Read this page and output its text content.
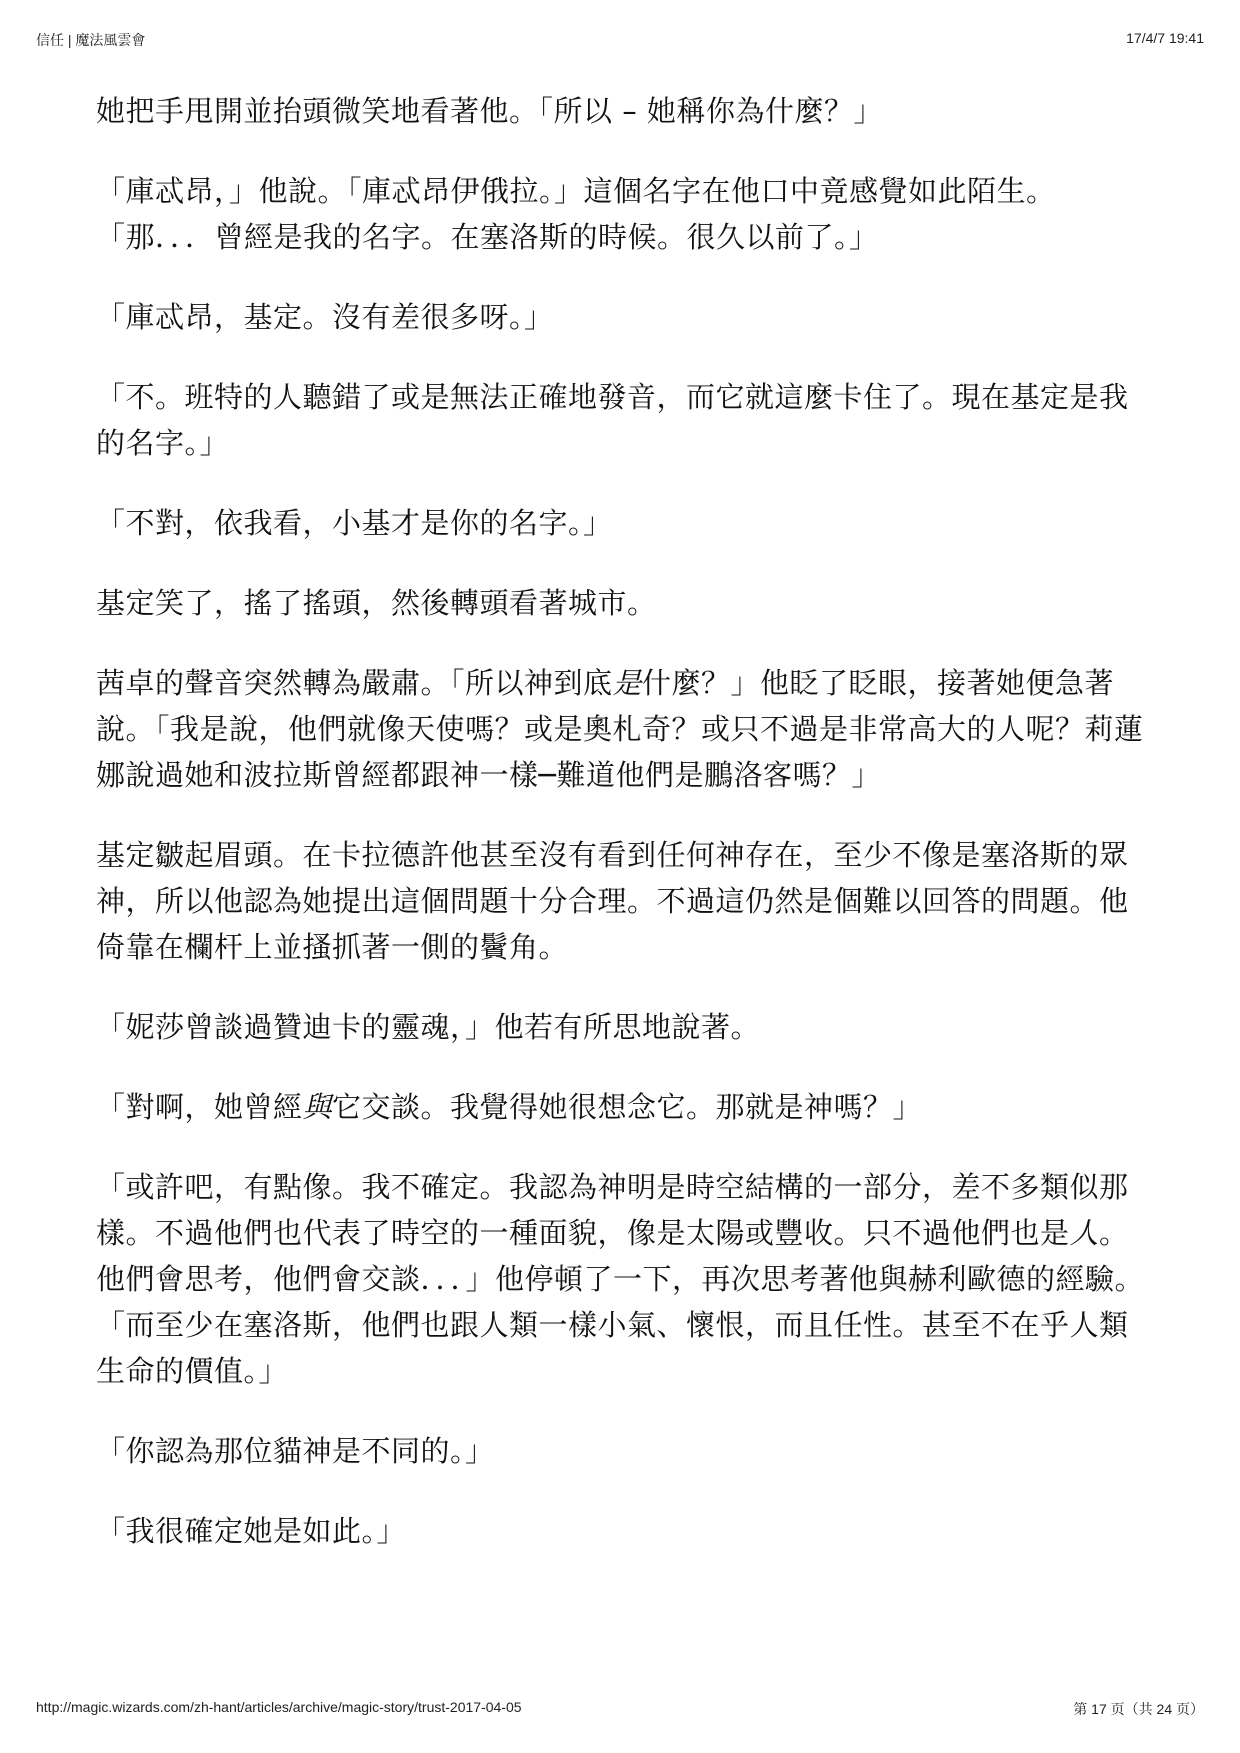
信任 | 魔法風雲會	17/4/7 19:41

她把手甩開並抬頭微笑地看著他。「所以 – 她稱你為什麼？」

「庫忒昂，」他說。「庫忒昂伊俄拉。」這個名字在他口中竟感覺如此陌生。「那．．．曾經是我的名字。在塞洛斯的時候。很久以前了。」

「庫忒昂，基定。沒有差很多呀。」

「不。班特的人聽錯了或是無法正確地發音，而它就這麼卡住了。現在基定是我的名字。」

「不對，依我看，小基才是你的名字。」

基定笑了，搖了搖頭，然後轉頭看著城市。

茜卓的聲音突然轉為嚴肅。「所以神到底是什麼？」他眨了眨眼，接著她便急著說。「我是說，他們就像天使嗎？或是奧札奇？或只不過是非常高大的人呢？莉蓮娜說過她和波拉斯曾經都跟神一樣─難道他們是鵬洛客嗎？」

基定皺起眉頭。在卡拉德許他甚至沒有看到任何神存在，至少不像是塞洛斯的眾神，所以他認為她提出這個問題十分合理。不過這仍然是個難以回答的問題。他倚靠在欄杆上並搔抓著一側的鬢角。

「妮莎曾談過贊迪卡的靈魂，」他若有所思地說著。

「對啊，她曾經與它交談。我覺得她很想念它。那就是神嗎？」

「或許吧，有點像。我不確定。我認為神明是時空結構的一部分，差不多類似那樣。不過他們也代表了時空的一種面貌，像是太陽或豐收。只不過他們也是人。他們會思考，他們會交談．．．」他停頓了一下，再次思考著他與赫利歐德的經驗。「而至少在塞洛斯，他們也跟人類一樣小氣、懷恨，而且任性。甚至不在乎人類生命的價值。」

「你認為那位貓神是不同的。」

「我很確定她是如此。」

http://magic.wizards.com/zh-hant/articles/archive/magic-story/trust-2017-04-05	第 17 页（共 24 页）
